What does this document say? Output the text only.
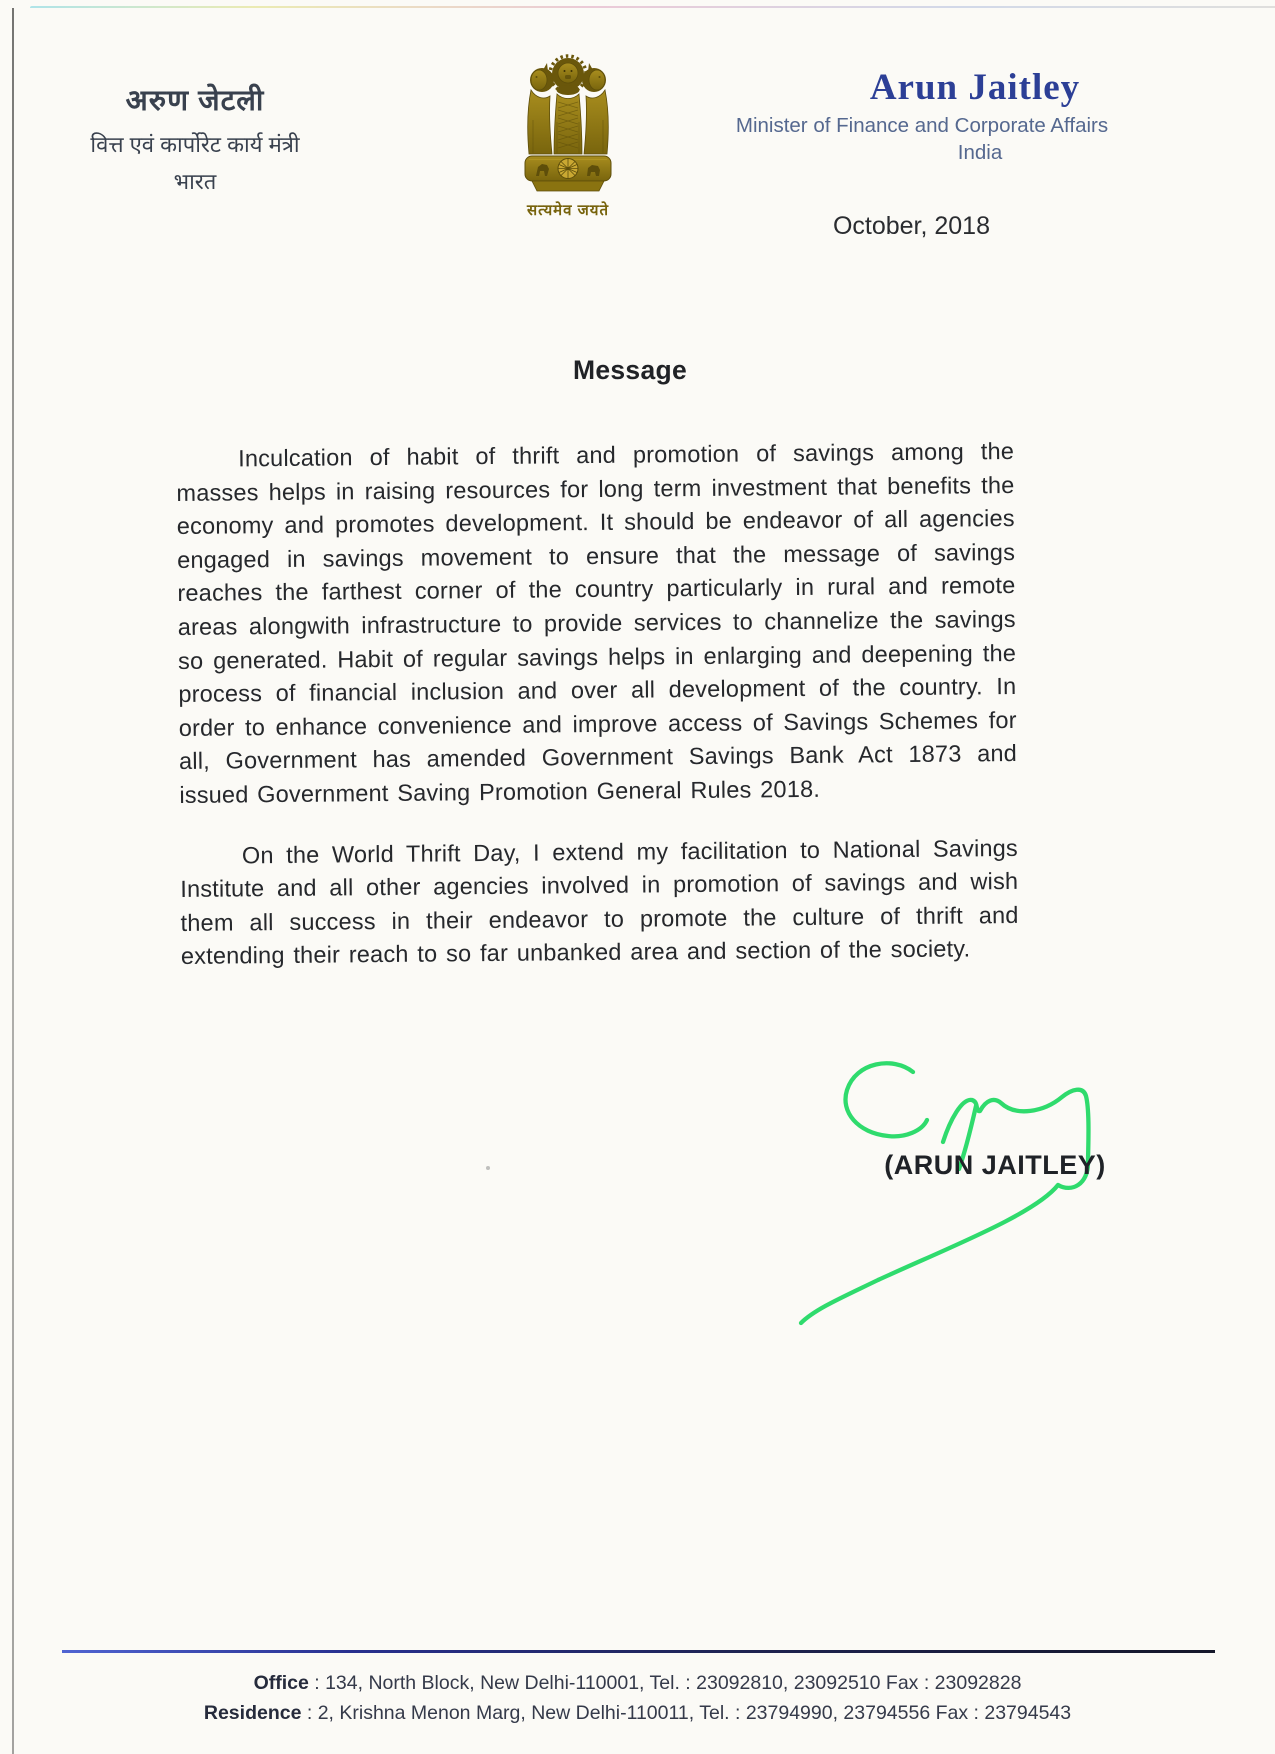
अरुण जेटली
वित्त एवं कार्पोरेट कार्य मंत्री
भारत
सत्यमेव जयते
Arun Jaitley
Minister of Finance and Corporate Affairs
India
October, 2018
Message

Inculcation of habit of thrift and promotion of savings among the masses helps in raising resources for long term investment that benefits the economy and promotes development. It should be endeavor of all agencies engaged in savings movement to ensure that the message of savings reaches the farthest corner of the country particularly in rural and remote areas alongwith infrastructure to provide services to channelize the savings so generated. Habit of regular savings helps in enlarging and deepening the process of financial inclusion and over all development of the country. In order to enhance convenience and improve access of Savings Schemes for all, Government has amended Government Savings Bank Act 1873 and issued Government Saving Promotion General Rules 2018.

On the World Thrift Day, I extend my facilitation to National Savings Institute and all other agencies involved in promotion of savings and wish them all success in their endeavor to promote the culture of thrift and extending their reach to so far unbanked area and section of the society.

(ARUN JAITLEY)
Office : 134, North Block, New Delhi-110001, Tel. : 23092810, 23092510 Fax : 23092828
Residence : 2, Krishna Menon Marg, New Delhi-110011, Tel. : 23794990, 23794556 Fax : 23794543
